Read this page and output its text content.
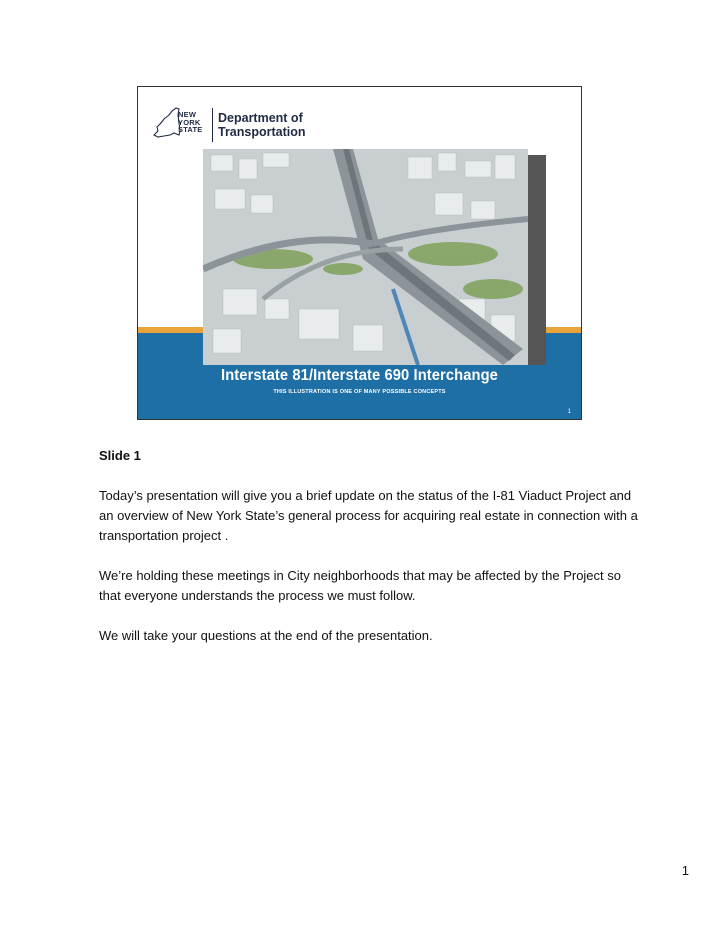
NEW
YORK
STATE
Department of
Transportation
Interstate 81/Interstate 690 Interchange
THIS ILLUSTRATION IS ONE OF MANY POSSIBLE CONCEPTS
1
Slide 1

Today’s presentation will give you a brief update on the status of the I-81 Viaduct Project and an overview of New York State’s general process for acquiring real estate in connection with a transportation project .

We’re holding these meetings in City neighborhoods that may be affected by the Project so that everyone understands the process we must follow.

We will take your questions at the end of the presentation.

1
